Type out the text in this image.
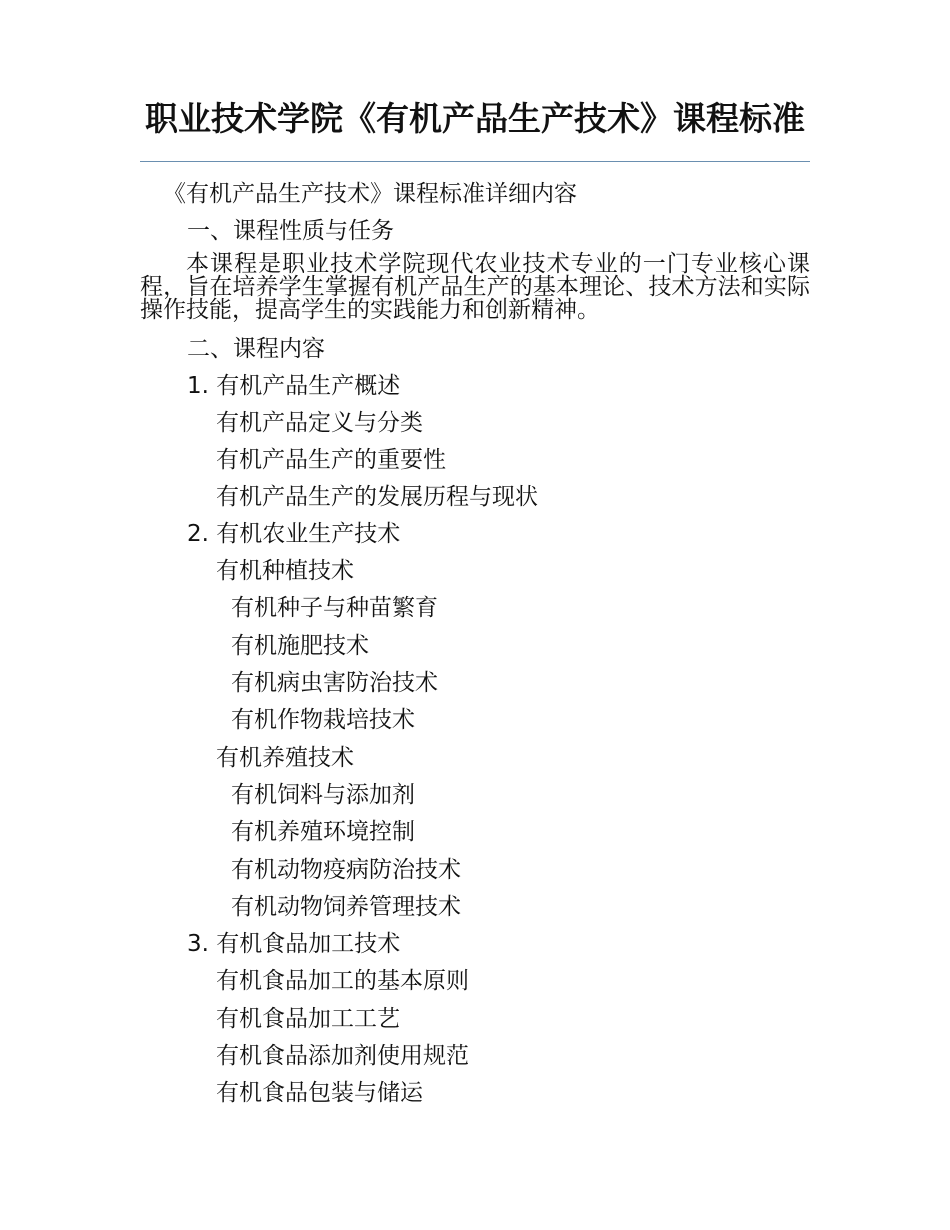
职业技术学院《有机产品生产技术》课程标准
《有机产品生产技术》课程标准详细内容
一、课程性质与任务
本课程是职业技术学院现代农业技术专业的一门专业核心课程，旨在培养学生掌握有机产品生产的基本理论、技术方法和实际操作技能，提高学生的实践能力和创新精神。
二、课程内容
1. 有机产品生产概述
有机产品定义与分类
有机产品生产的重要性
有机产品生产的发展历程与现状
2. 有机农业生产技术
有机种植技术
有机种子与种苗繁育
有机施肥技术
有机病虫害防治技术
有机作物栽培技术
有机养殖技术
有机饲料与添加剂
有机养殖环境控制
有机动物疫病防治技术
有机动物饲养管理技术
3. 有机食品加工技术
有机食品加工的基本原则
有机食品加工工艺
有机食品添加剂使用规范
有机食品包装与储运
